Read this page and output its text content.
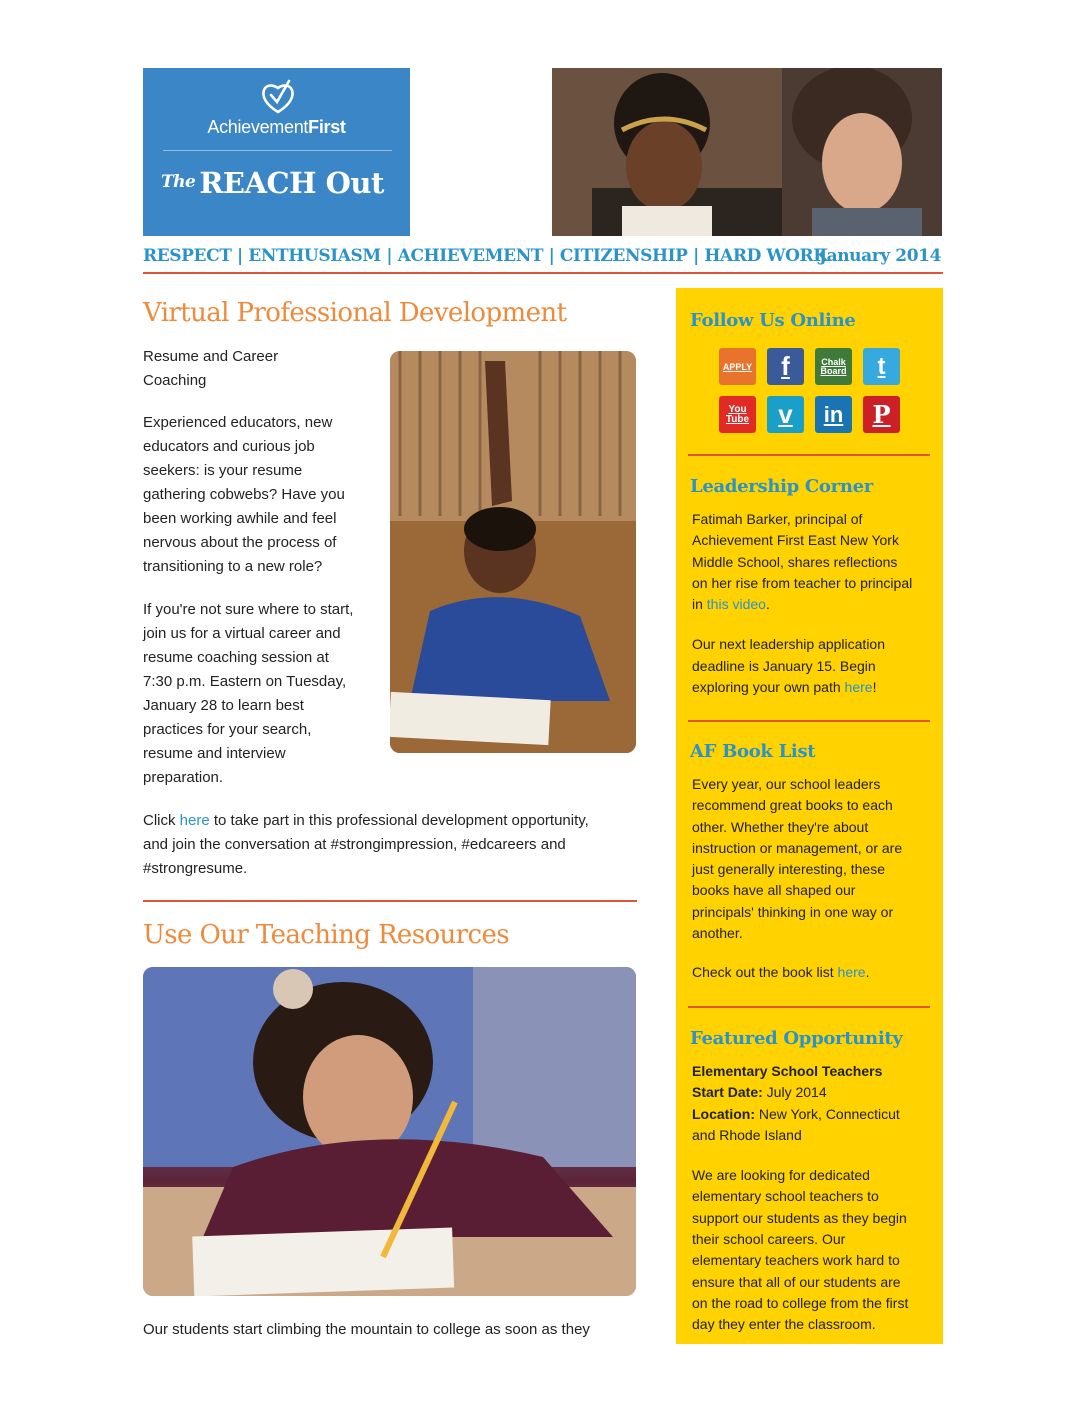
AchievementFirst
$^{The}$ REACH Out
RESPECT | ENTHUSIASM | ACHIEVEMENT | CITIZENSHIP | HARD WORK
January 2014
Virtual Professional Development

Resume and Career

Coaching

Experienced educators, new

educators and curious job

seekers: is your resume

gathering cobwebs? Have you

been working awhile and feel

nervous about the process of

transitioning to a new role?

If you're not sure where to start,

join us for a virtual career and

resume coaching session at

7:30 p.m. Eastern on Tuesday,

January 28 to learn best

practices for your search,

resume and interview

preparation.

Click here to take part in this professional development opportunity,

and join the conversation at #strongimpression, #edcareers and

#strongresume.

Use Our Teaching Resources
Our students start climbing the mountain to college as soon as they
Follow Us Online
APPLY	f	Chalk Board	t
You Tube	v	in	P
Leadership Corner

Fatimah Barker, principal of

Achievement First East New York

Middle School, shares reflections

on her rise from teacher to principal

in this video.

Our next leadership application

deadline is January 15. Begin

exploring your own path here!

AF Book List

Every year, our school leaders

recommend great books to each

other. Whether they're about

instruction or management, or are

just generally interesting, these

books have all shaped our

principals' thinking in one way or

another.

Check out the book list here.

Featured Opportunity

Elementary School Teachers

Start Date: July 2014

Location: New York, Connecticut

and Rhode Island

We are looking for dedicated

elementary school teachers to

support our students as they begin

their school careers. Our

elementary teachers work hard to

ensure that all of our students are

on the road to college from the first

day they enter the classroom.
